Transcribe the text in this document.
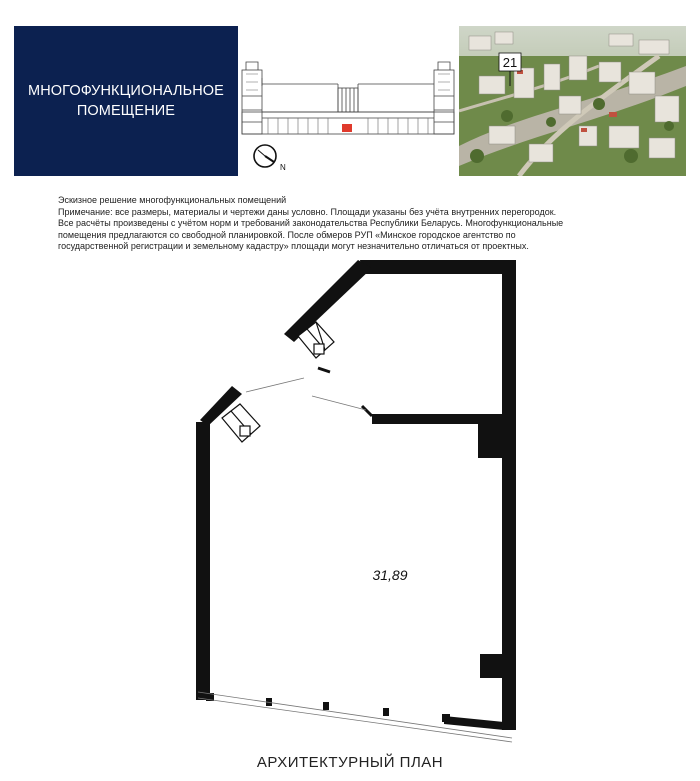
МНОГОФУНКЦИОНАЛЬНОЕ
ПОМЕЩЕНИЕ
N
21

Эскизное решение многофункциональных помещений

Примечание: все размеры, материалы и чертежи даны условно. Площади указаны без учёта внутренних перегородок.

Все расчёты произведены с учётом норм и требований законодательства Республики Беларусь. Многофункциональные

помещения предлагаются со свободной планировкой. После обмеров РУП «Минское городское агентство по

государственной регистрации и земельному кадастру» площади могут незначительно отличаться от проектных.

31,89
АРХИТЕКТУРНЫЙ ПЛАН
